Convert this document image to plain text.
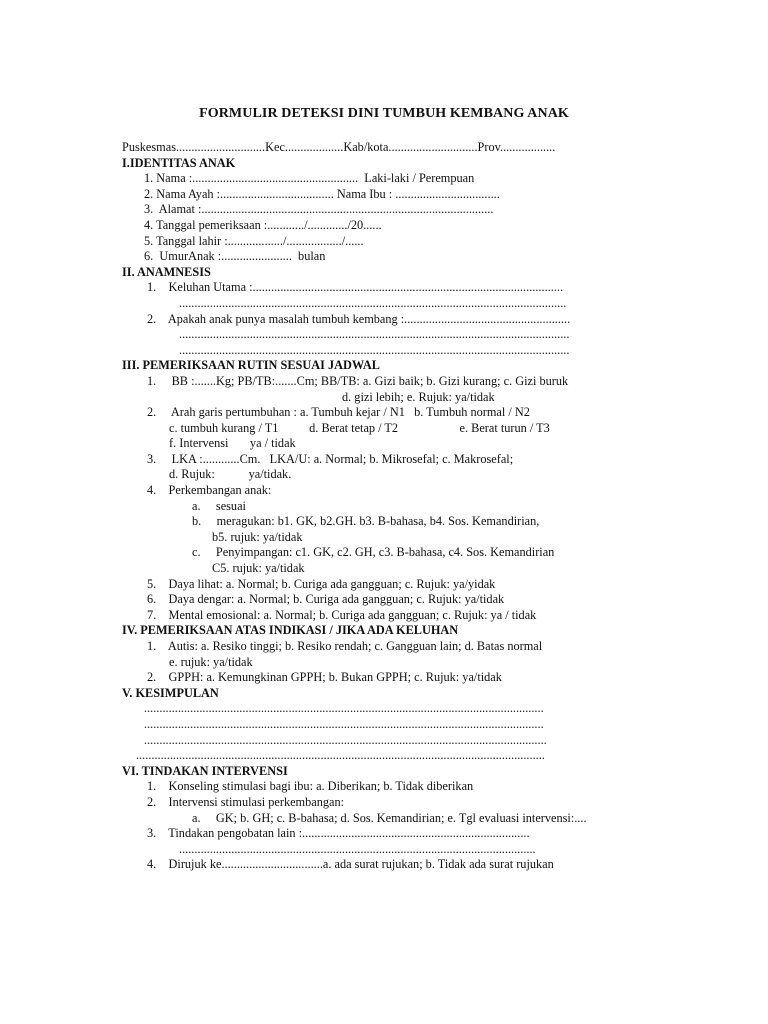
FORMULIR DETEKSI DINI TUMBUH KEMBANG ANAK
Puskesmas.............................Kec...................Kab/kota.............................Prov..................
I.IDENTITAS ANAK
1. Nama :......................................................  Laki-laki / Perempuan
2. Nama Ayah :..................................... Nama Ibu : ..................................
3.  Alamat :...............................................................................................
4. Tanggal pemeriksaan :............/............./20......
5. Tanggal lahir :................../................../......
6.  UmurAnak :.......................  bulan
II. ANAMNESIS
1.    Keluhan Utama :.....................................................................................................
..............................................................................................................................
2.    Apakah anak punya masalah tumbuh kembang :......................................................
...............................................................................................................................
...............................................................................................................................
III. PEMERIKSAAN RUTIN SESUAI JADWAL
1.     BB :.......Kg; PB/TB:.......Cm; BB/TB: a. Gizi baik; b. Gizi kurang; c. Gizi buruk
d. gizi lebih; e. Rujuk: ya/tidak
2.     Arah garis pertumbuhan : a. Tumbuh kejar / N1   b. Tumbuh normal / N2
c. tumbuh kurang / T1          d. Berat tetap / T2                    e. Berat turun / T3
f. Intervensi       ya / tidak
3.     LKA :............Cm.   LKA/U: a. Normal; b. Mikrosefal; c. Makrosefal;
d. Rujuk:           ya/tidak.
4.    Perkembangan anak:
a.     sesuai
b.     meragukan: b1. GK, b2.GH. b3. B-bahasa, b4. Sos. Kemandirian,
b5. rujuk: ya/tidak
c.     Penyimpangan: c1. GK, c2. GH, c3. B-bahasa, c4. Sos. Kemandirian
C5. rujuk: ya/tidak
5.    Daya lihat: a. Normal; b. Curiga ada gangguan; c. Rujuk: ya/yidak
6.    Daya dengar: a. Normal; b. Curiga ada gangguan; c. Rujuk: ya/tidak
7.    Mental emosional: a. Normal; b. Curiga ada gangguan; c. Rujuk: ya / tidak
IV. PEMERIKSAAN ATAS INDIKASI / JIKA ADA KELUHAN
1.    Autis: a. Resiko tinggi; b. Resiko rendah; c. Gangguan lain; d. Batas normal
e. rujuk: ya/tidak
2.    GPPH: a. Kemungkinan GPPH; b. Bukan GPPH; c. Rujuk: ya/tidak
V. KESIMPULAN
..................................................................................................................................
..................................................................................................................................
...................................................................................................................................
.....................................................................................................................................
VI. TINDAKAN INTERVENSI
1.    Konseling stimulasi bagi ibu: a. Diberikan; b. Tidak diberikan
2.    Intervensi stimulasi perkembangan:
a.     GK; b. GH; c. B-bahasa; d. Sos. Kemandirian; e. Tgl evaluasi intervensi:....
3.    Tindakan pengobatan lain :..........................................................................
....................................................................................................................
4.    Dirujuk ke.................................a. ada surat rujukan; b. Tidak ada surat rujukan
